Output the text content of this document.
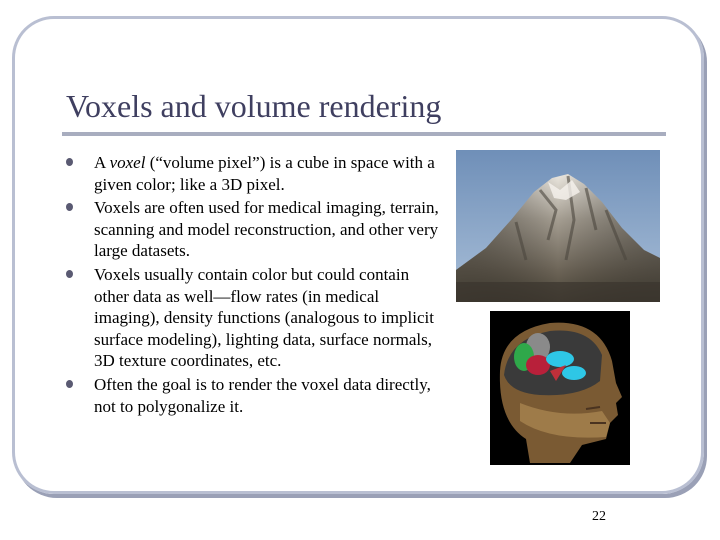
Voxels and volume rendering
A voxel (“volume pixel”) is a cube in space with a given color; like a 3D pixel.
Voxels are often used for medical imaging, terrain, scanning and model reconstruction, and other very large datasets.
Voxels usually contain color but could contain other data as well—flow rates (in medical imaging), density functions (analogous to implicit surface modeling), lighting data, surface normals, 3D texture coordinates, etc.
Often the goal is to render the voxel data directly, not to polygonalize it.
22
